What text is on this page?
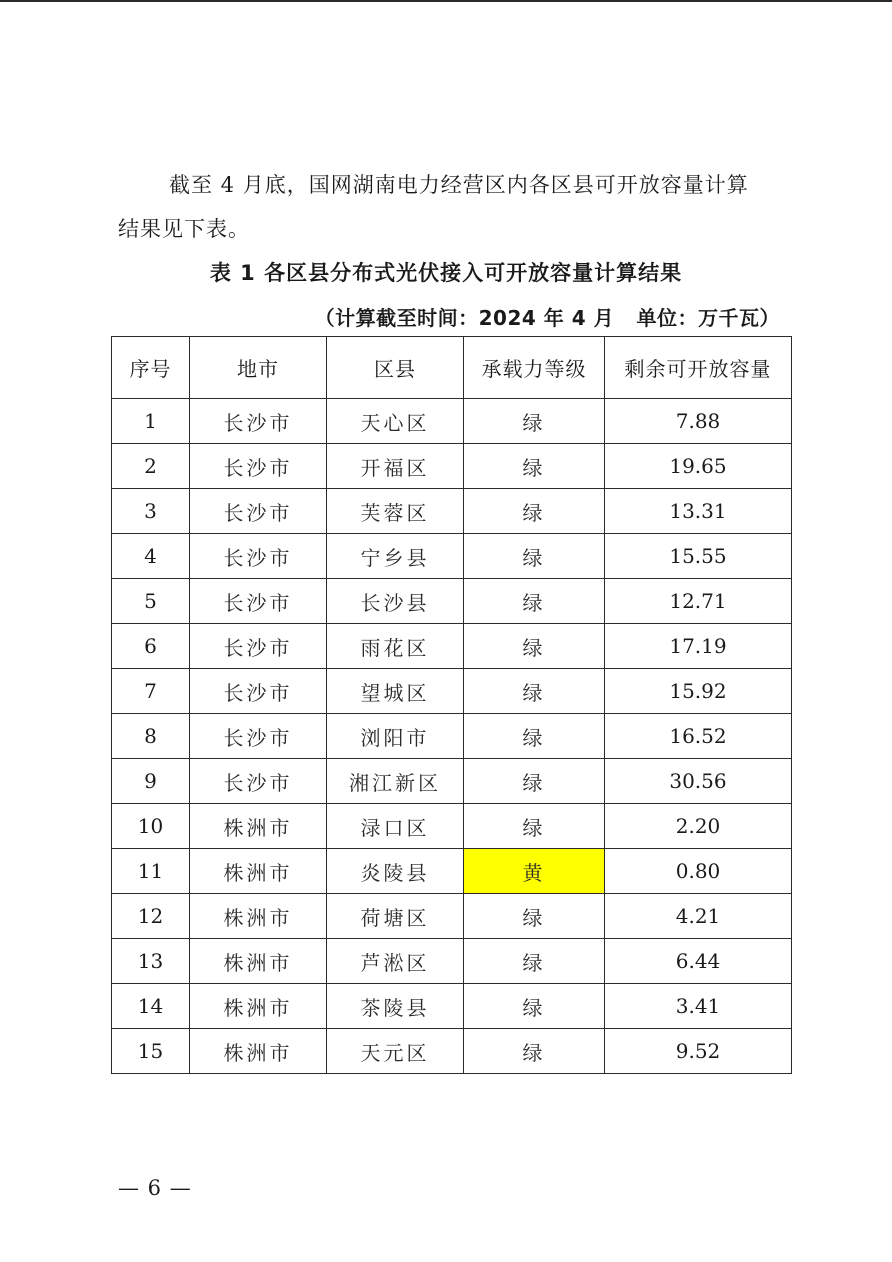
截至 4 月底，国网湖南电力经营区内各区县可开放容量计算
结果见下表。
表 1 各区县分布式光伏接入可开放容量计算结果
（计算截至时间：2024 年 4 月   单位：万千瓦）
序号	地市	区县	承载力等级	剩余可开放容量
1	长沙市	天心区	绿	7.88
2	长沙市	开福区	绿	19.65
3	长沙市	芙蓉区	绿	13.31
4	长沙市	宁乡县	绿	15.55
5	长沙市	长沙县	绿	12.71
6	长沙市	雨花区	绿	17.19
7	长沙市	望城区	绿	15.92
8	长沙市	浏阳市	绿	16.52
9	长沙市	湘江新区	绿	30.56
10	株洲市	渌口区	绿	2.20
11	株洲市	炎陵县	黄	0.80
12	株洲市	荷塘区	绿	4.21
13	株洲市	芦淞区	绿	6.44
14	株洲市	茶陵县	绿	3.41
15	株洲市	天元区	绿	9.52
— 6 —
